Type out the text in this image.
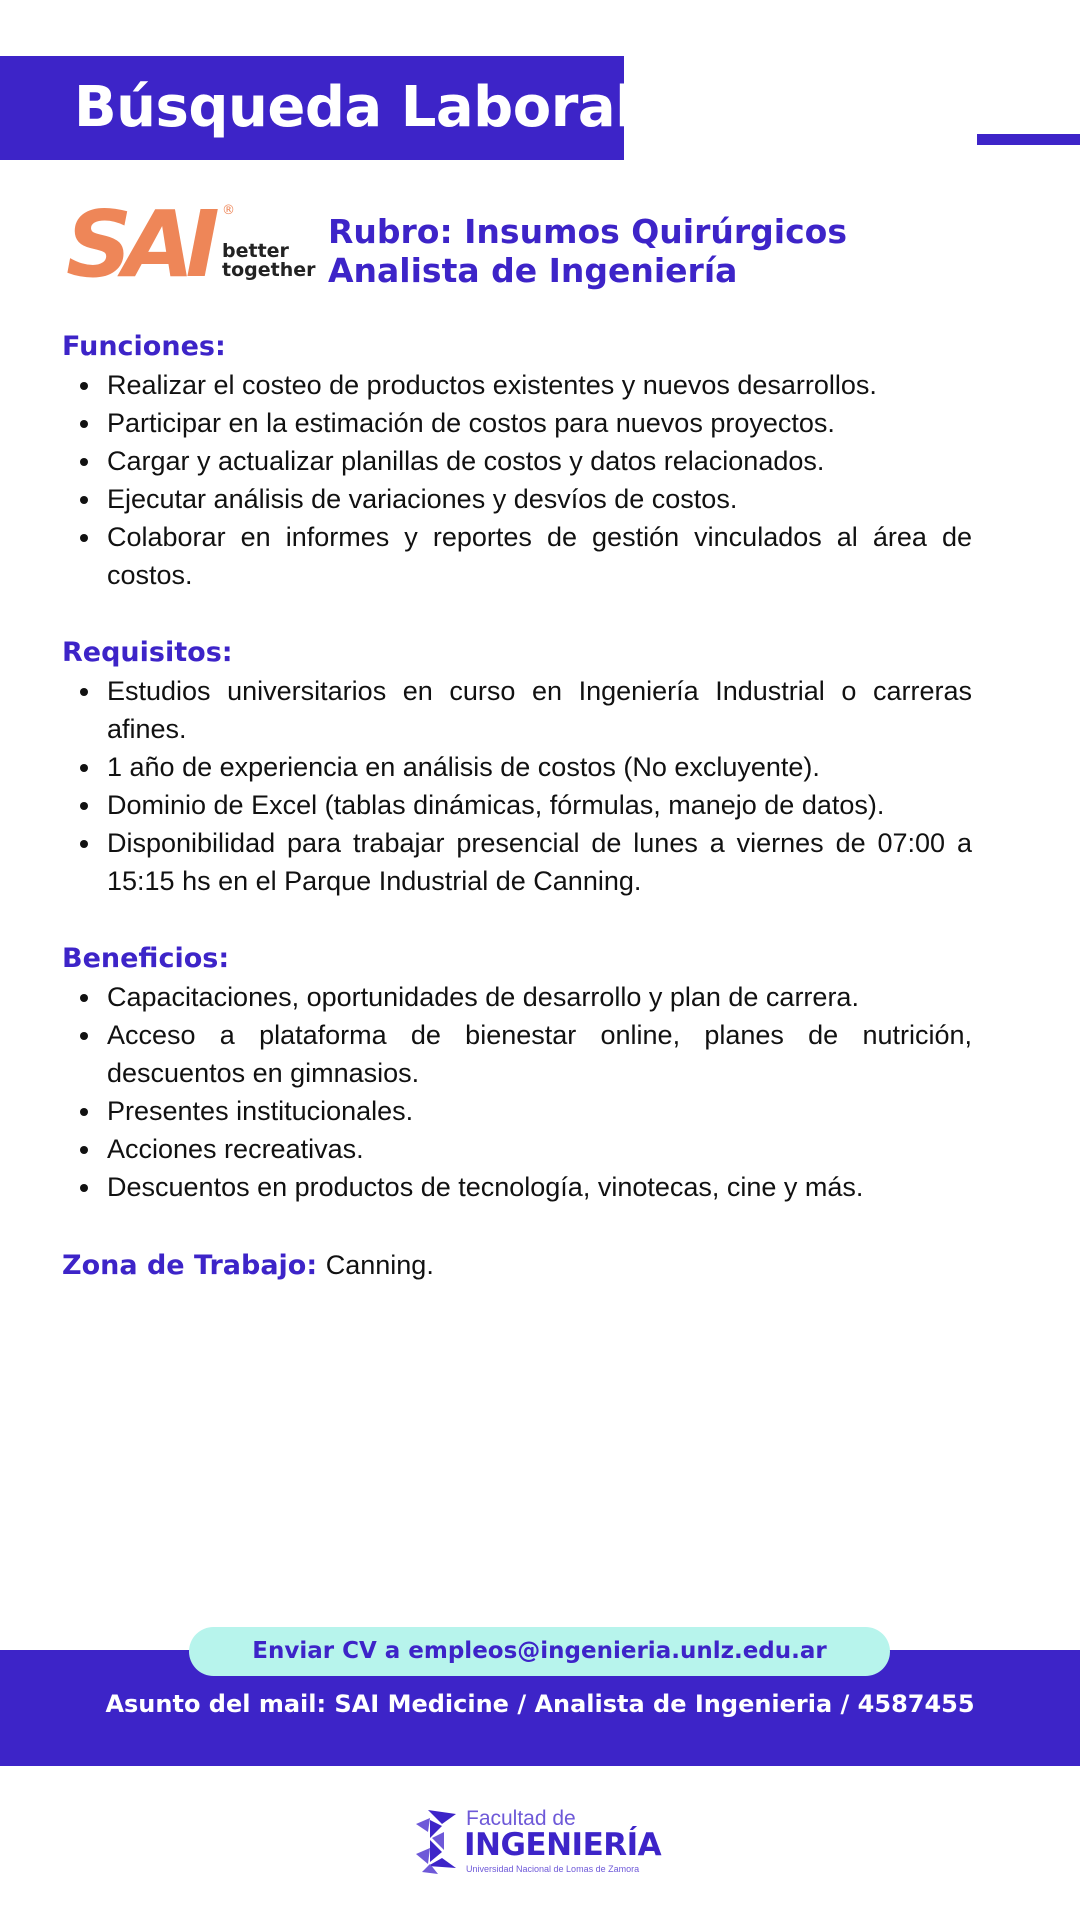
Búsqueda Laboral
SAI ®
better
together
Rubro: Insumos Quirúrgicos
Analista de Ingeniería
Funciones:
Realizar el costeo de productos existentes y nuevos desarrollos.
Participar en la estimación de costos para nuevos proyectos.
Cargar y actualizar planillas de costos y datos relacionados.
Ejecutar análisis de variaciones y desvíos de costos.
Colaborar en informes y reportes de gestión vinculados al área de costos.
Requisitos:
Estudios universitarios en curso en Ingeniería Industrial o carreras afines.
1 año de experiencia en análisis de costos (No excluyente).
Dominio de Excel (tablas dinámicas, fórmulas, manejo de datos).
Disponibilidad para trabajar presencial de lunes a viernes de 07:00 a 15:15 hs en el Parque Industrial de Canning.
Beneficios:
Capacitaciones, oportunidades de desarrollo y plan de carrera.
Acceso a plataforma de bienestar online, planes de nutrición, descuentos en gimnasios.
Presentes institucionales.
Acciones recreativas.
Descuentos en productos de tecnología, vinotecas, cine y más.
Zona de Trabajo: Canning.
Enviar CV a empleos@ingenieria.unlz.edu.ar
Asunto del mail: SAI Medicine / Analista de Ingenieria / 4587455
Facultad de
INGENIERÍA
Universidad Nacional de Lomas de Zamora
